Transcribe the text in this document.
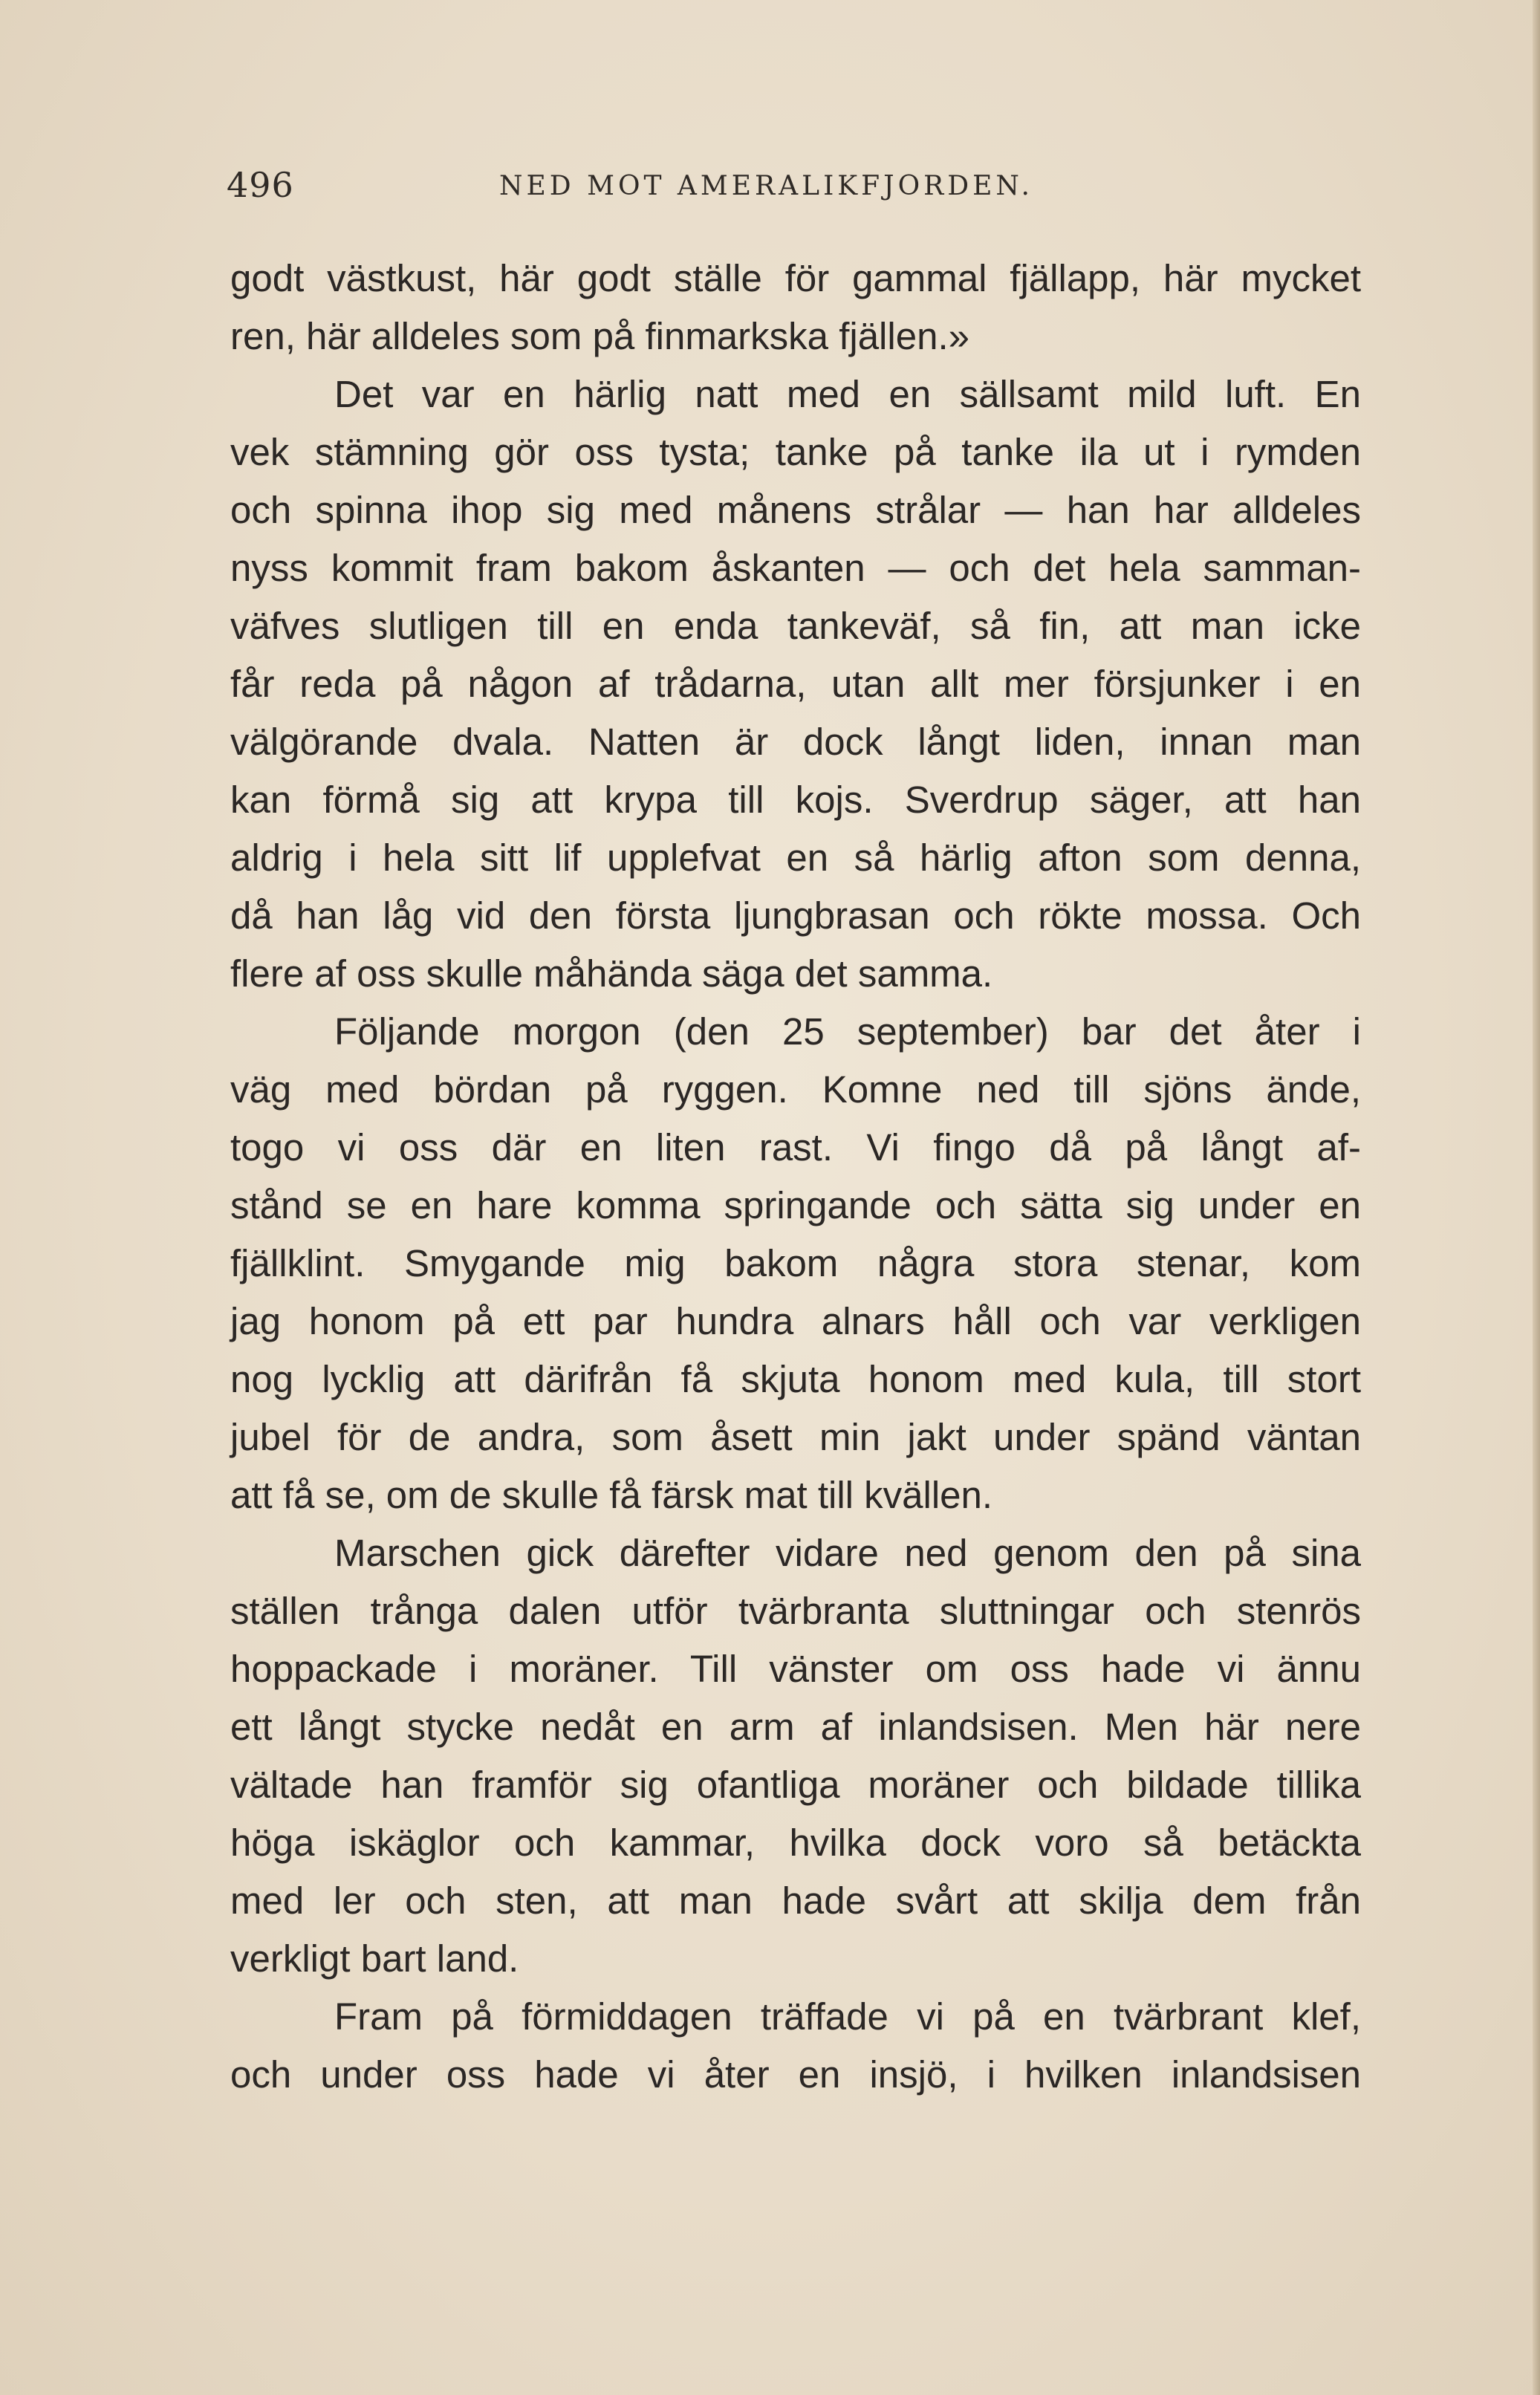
496	NED MOT AMERALIKFJORDEN.
godt västkust, här godt ställe för gammal fjällapp, här mycket
ren, här alldeles som på finmarkska fjällen.»
Det var en härlig natt med en sällsamt mild luft. En
vek stämning gör oss tysta; tanke på tanke ila ut i rymden
och spinna ihop sig med månens strålar — han har alldeles
nyss kommit fram bakom åskanten — och det hela samman-
väfves slutligen till en enda tankeväf, så fin, att man icke
får reda på någon af trådarna, utan allt mer försjunker i en
välgörande dvala. Natten är dock långt liden, innan man
kan förmå sig att krypa till kojs. Sverdrup säger, att han
aldrig i hela sitt lif upplefvat en så härlig afton som denna,
då han låg vid den första ljungbrasan och rökte mossa. Och
flere af oss skulle måhända säga det samma.
Följande morgon (den 25 september) bar det åter i
väg med bördan på ryggen. Komne ned till sjöns ände,
togo vi oss där en liten rast. Vi fingo då på långt af-
stånd se en hare komma springande och sätta sig under en
fjällklint. Smygande mig bakom några stora stenar, kom
jag honom på ett par hundra alnars håll och var verkligen
nog lycklig att därifrån få skjuta honom med kula, till stort
jubel för de andra, som åsett min jakt under spänd väntan
att få se, om de skulle få färsk mat till kvällen.
Marschen gick därefter vidare ned genom den på sina
ställen trånga dalen utför tvärbranta sluttningar och stenrös
hoppackade i moräner. Till vänster om oss hade vi ännu
ett långt stycke nedåt en arm af inlandsisen. Men här nere
vältade han framför sig ofantliga moräner och bildade tillika
höga iskäglor och kammar, hvilka dock voro så betäckta
med ler och sten, att man hade svårt att skilja dem från
verkligt bart land.
Fram på förmiddagen träffade vi på en tvärbrant klef,
och under oss hade vi åter en insjö, i hvilken inlandsisen
